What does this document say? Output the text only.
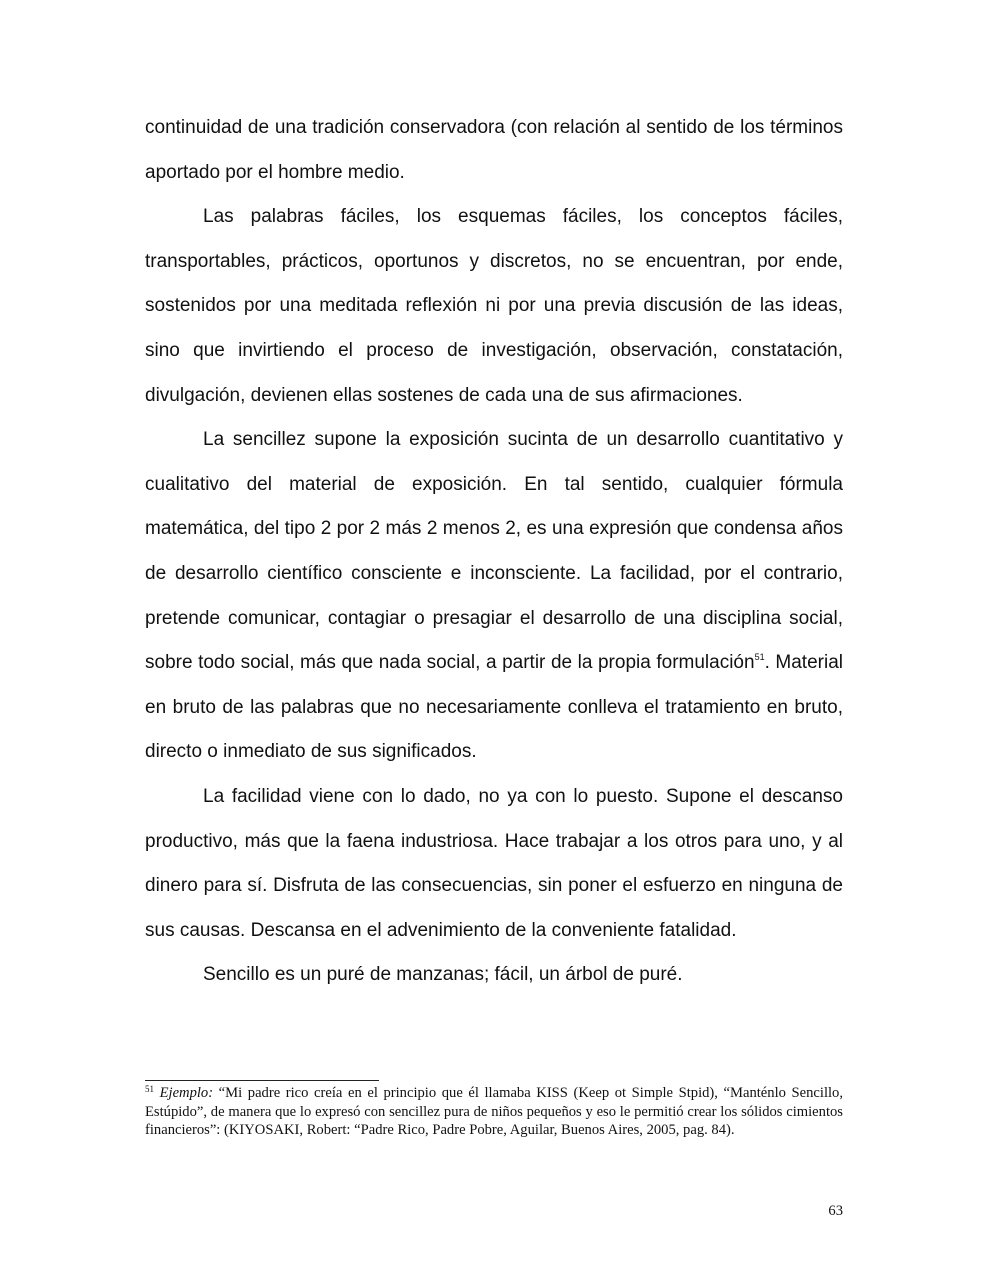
continuidad de una tradición conservadora (con relación al sentido de los términos aportado por el hombre medio.

Las palabras fáciles, los esquemas fáciles, los conceptos fáciles, transportables, prácticos, oportunos y discretos, no se encuentran, por ende, sostenidos por una meditada reflexión ni por una previa discusión de las ideas, sino que invirtiendo el proceso de investigación, observación, constatación, divulgación, devienen ellas sostenes de cada una de sus afirmaciones.

La sencillez supone la exposición sucinta de un desarrollo cuantitativo y cualitativo del material de exposición. En tal sentido, cualquier fórmula matemática, del tipo 2 por 2 más 2 menos 2, es una expresión que condensa años de desarrollo científico consciente e inconsciente. La facilidad, por el contrario, pretende comunicar, contagiar o presagiar el desarrollo de una disciplina social, sobre todo social, más que nada social, a partir de la propia formulación$^{51}$. Material en bruto de las palabras que no necesariamente conlleva el tratamiento en bruto, directo o inmediato de sus significados.

La facilidad viene con lo dado, no ya con lo puesto. Supone el descanso productivo, más que la faena industriosa. Hace trabajar a los otros para uno, y al dinero para sí. Disfruta de las consecuencias, sin poner el esfuerzo en ninguna de sus causas. Descansa en el advenimiento de la conveniente fatalidad.

Sencillo es un puré de manzanas; fácil, un árbol de puré.

$^{51}$ Ejemplo: “Mi padre rico creía en el principio que él llamaba KISS (Keep ot Simple Stpid), “Manténlo Sencillo, Estúpido”, de manera que lo expresó con sencillez pura de niños pequeños y eso le permitió crear los sólidos cimientos financieros”: (KIYOSAKI, Robert: “Padre Rico, Padre Pobre, Aguilar, Buenos Aires, 2005, pag. 84).

63
